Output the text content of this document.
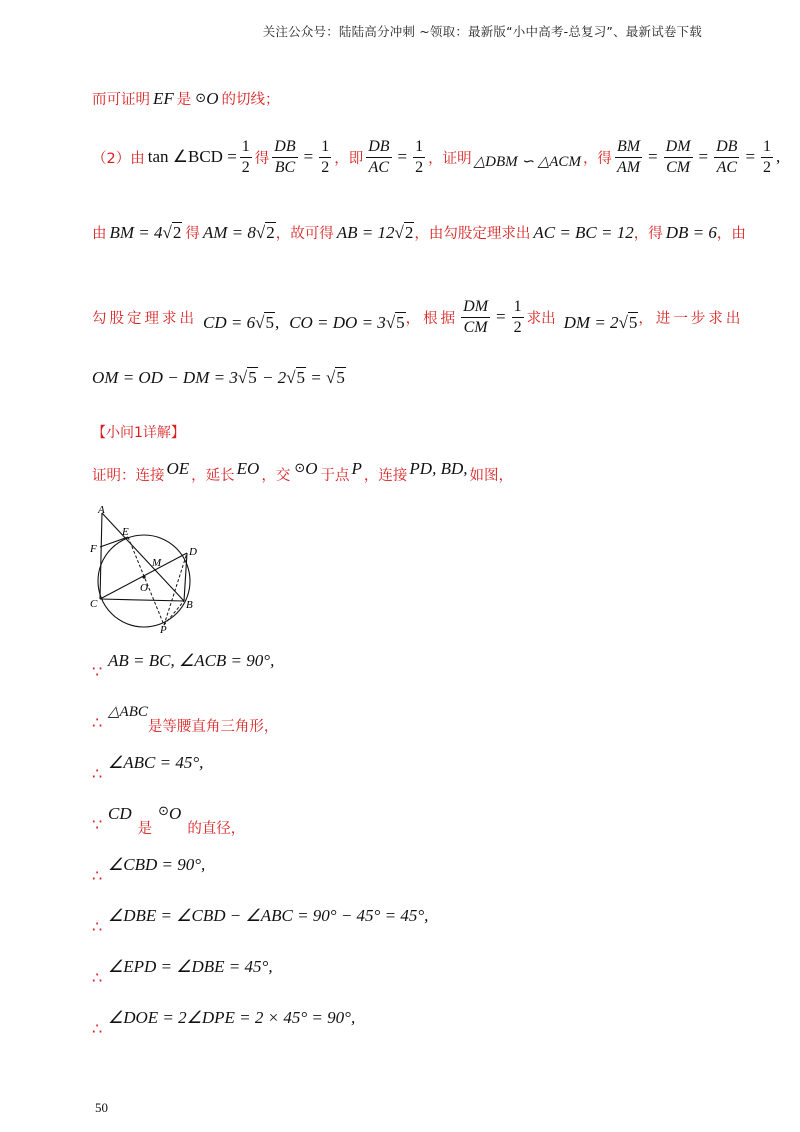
关注公众号：陆陆高分冲刺 ~领取：最新版“小中高考-总复习”、最新试卷下载
而可证明 EF 是 ⊙ O 的切线；
（2）由 tan ∠BCD = $\frac{1}{2}$ 得 $\frac{DB}{BC} = \frac{1}{2}$ ，即 $\frac{DB}{AC} = \frac{1}{2}$ ，证明 △DBM ∽ △ACM ，得 $\frac{BM}{AM} = \frac{DM}{CM} = \frac{DB}{AC} = \frac{1}{2}$ ,
由 BM = 4 √2 得 AM = 8 √2 ，故可得 AB = 12 √2 ，由勾股定理求出 AC = BC = 12 ，得 DB = 6 ，由
勾股定理求出 CD = 6 √5 , CO = DO = 3 √5 ，根据 $\frac{DM}{CM} = \frac{1}{2}$ 求出 DM = 2 √5 ，进一步求出
OM = OD − DM = 3 √5 − 2 √5 = √5
【小问1详解】
证明：连接 OE ，延长 EO ，交 ⊙ O 于点 P ，连接 PD, BD, 如图，
A
E
F	D
M
O
C	B
P
∵
AB = BC, ∠ACB = 90°,
∴
△ABC
是等腰直角三角形，
∴
∠ABC = 45°,
∵
CD
是
⊙ O
的直径，
∴
∠CBD = 90°,
∴
∠DBE = ∠CBD − ∠ABC = 90° − 45° = 45°,
∴
∠EPD = ∠DBE = 45°,
∴
∠DOE = 2∠DPE = 2 × 45° = 90°,
50
